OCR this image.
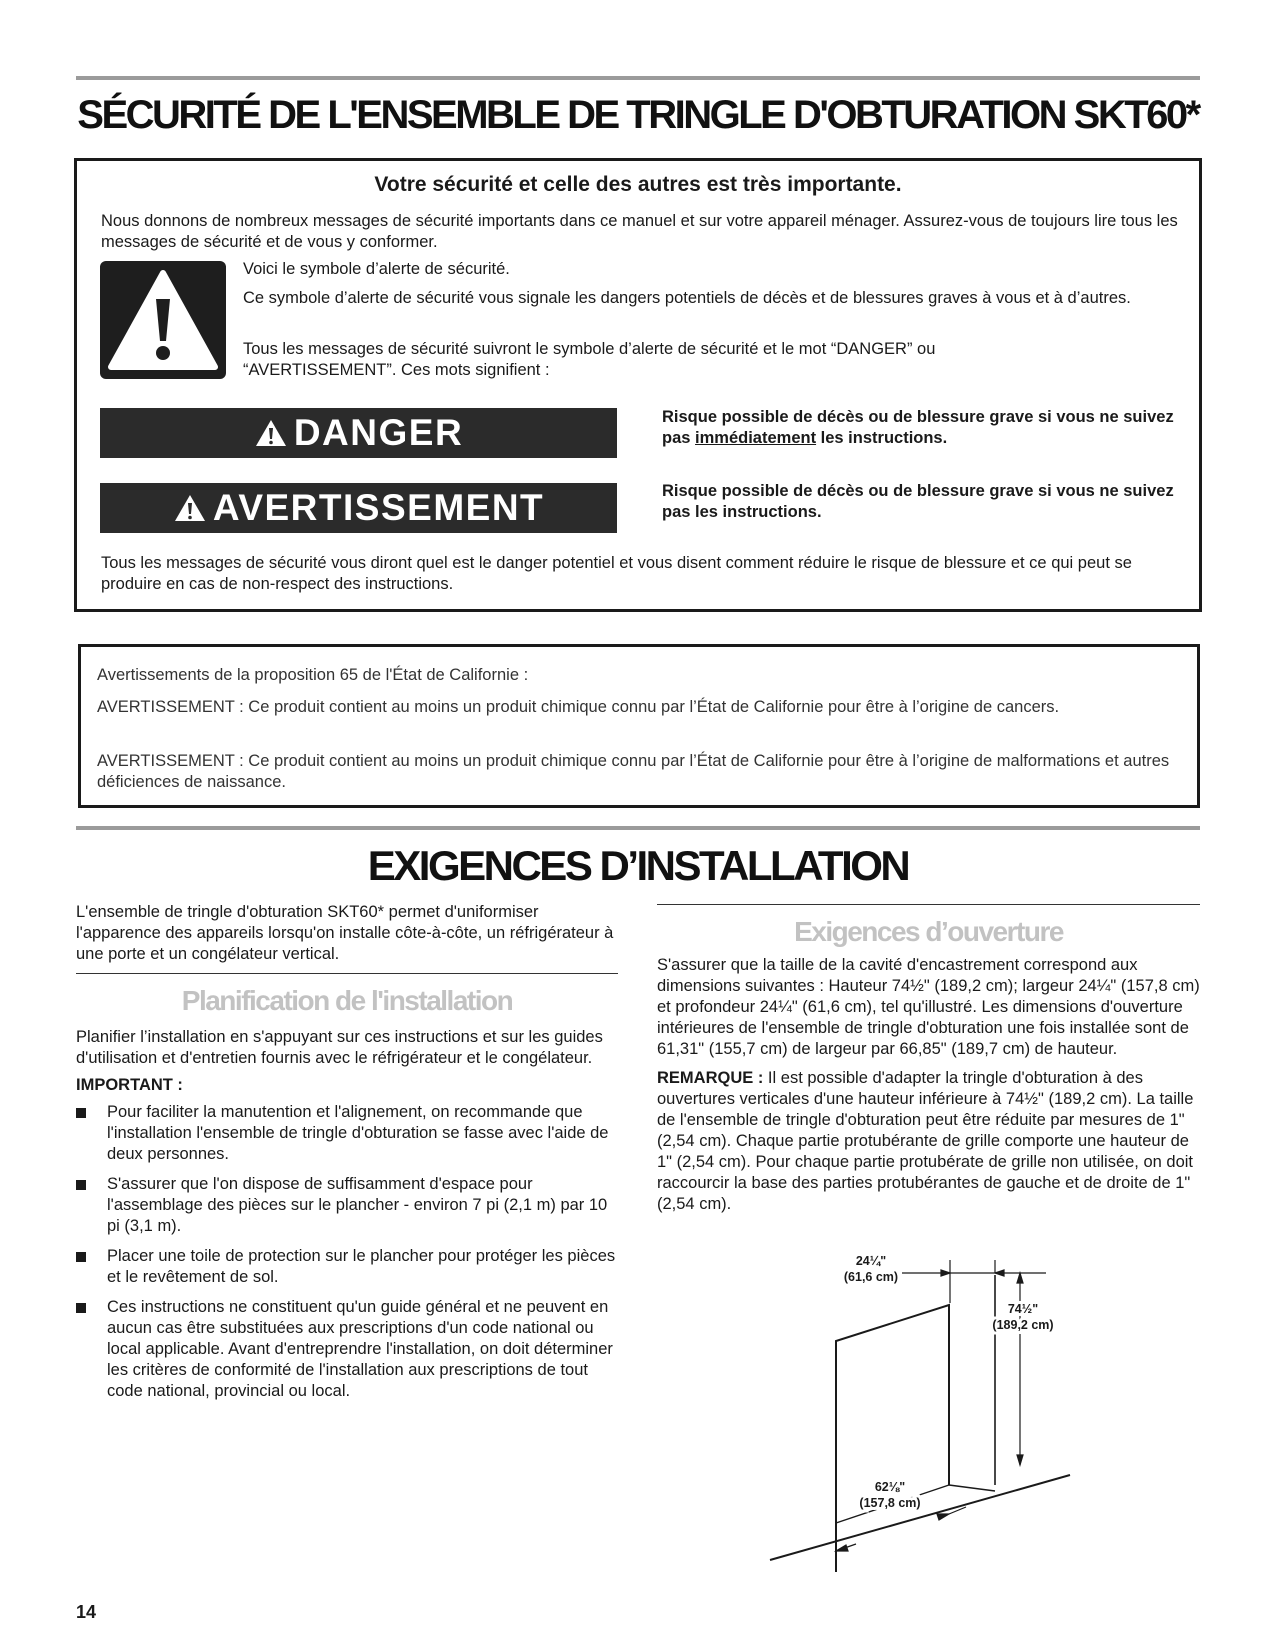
SÉCURITÉ DE L'ENSEMBLE DE TRINGLE D'OBTURATION SKT60*

Votre sécurité et celle des autres est très importante.

Nous donnons de nombreux messages de sécurité importants dans ce manuel et sur votre appareil ménager. Assurez-vous de toujours lire tous les messages de sécurité et de vous y conformer.

Voici le symbole d’alerte de sécurité.

Ce symbole d’alerte de sécurité vous signale les dangers potentiels de décès et de blessures graves à vous et à d’autres.

Tous les messages de sécurité suivront le symbole d’alerte de sécurité et le mot “DANGER” ou “AVERTISSEMENT”. Ces mots signifient :

Tous les messages de sécurité vous diront quel est le danger potentiel et vous disent comment réduire le risque de blessure et ce qui peut se produire en cas de non-respect des instructions.

DANGER	Risque possible de décès ou de blessure grave si vous ne suivez pas immédiatement les instructions.

AVERTISSEMENT	Risque possible de décès ou de blessure grave si vous ne suivez pas les instructions.

Avertissements de la proposition 65 de l'État de Californie :

AVERTISSEMENT : Ce produit contient au moins un produit chimique connu par l’État de Californie pour être à l’origine de cancers.

AVERTISSEMENT : Ce produit contient au moins un produit chimique connu par l’État de Californie pour être à l’origine de malformations et autres déficiences de naissance.

EXIGENCES D’INSTALLATION

L'ensemble de tringle d'obturation SKT60* permet d'uniformiser l'apparence des appareils lorsqu'on installe côte-à-côte, un réfrigérateur à une porte et un congélateur vertical.

Planification de l'installation

Planifier l’installation en s'appuyant sur ces instructions et sur les guides d'utilisation et d'entretien fournis avec le réfrigérateur et le congélateur.

IMPORTANT :

Pour faciliter la manutention et l'alignement, on recommande que l'installation l'ensemble de tringle d'obturation se fasse avec l'aide de deux personnes.
S'assurer que l'on dispose de suffisamment d'espace pour l'assemblage des pièces sur le plancher - environ 7 pi (2,1 m) par 10 pi (3,1 m).
Placer une toile de protection sur le plancher pour protéger les pièces et le revêtement de sol.
Ces instructions ne constituent qu'un guide général et ne peuvent en aucun cas être substituées aux prescriptions d'un code national ou local applicable. Avant d'entreprendre l'installation, on doit déterminer les critères de conformité de l'installation aux prescriptions de tout code national, provincial ou local.

Exigences d’ouverture

S'assurer que la taille de la cavité d'encastrement correspond aux dimensions suivantes : Hauteur 74½" (189,2 cm); largeur 24¼" (157,8 cm) et profondeur 24¼" (61,6 cm), tel qu'illustré. Les dimensions d'ouverture intérieures de l'ensemble de tringle d'obturation une fois installée sont de 61,31" (155,7 cm) de largeur par 66,85" (189,7 cm) de hauteur.

REMARQUE : Il est possible d'adapter la tringle d'obturation à des ouvertures verticales d'une hauteur inférieure à 74½" (189,2 cm). La taille de l'ensemble de tringle d'obturation peut être réduite par mesures de 1" (2,54 cm). Chaque partie protubérante de grille comporte une hauteur de 1" (2,54 cm). Pour chaque partie protubérate de grille non utilisée, on doit raccourcir la base des parties protubérantes de gauche et de droite de 1" (2,54 cm).

24¼"
(61,6 cm)
74½"
(189,2 cm)
62⅛"
(157,8 cm)
14
